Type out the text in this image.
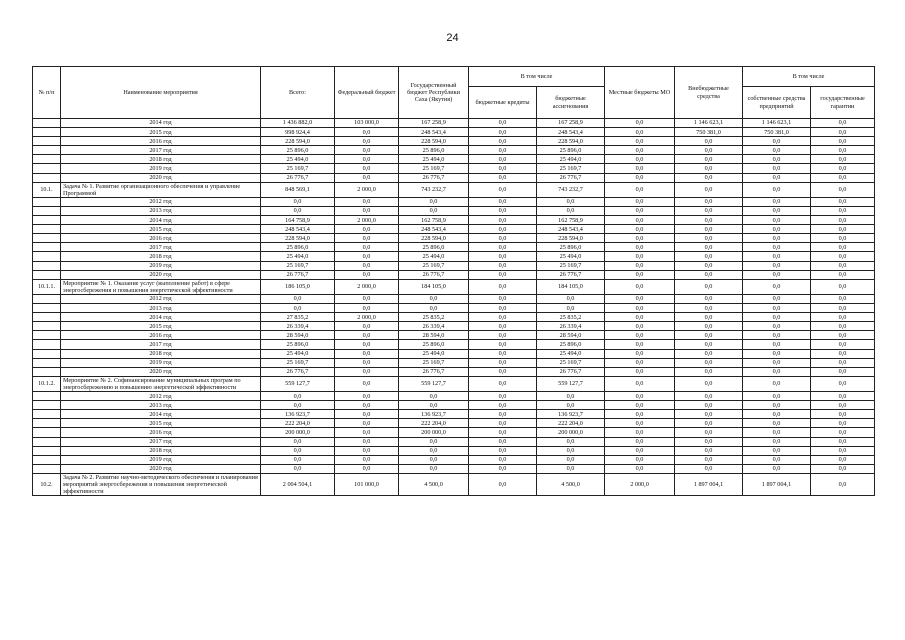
24
№ п/п	Наименование мероприятия	Всего:	Федеральный бюджет	Государственный бюджет Республики Саха (Якутия)	В том числе		Местные бюджеты МО	Внебюджетные средства	В том числе	
					бюджетные кредиты	бюджетные ассигнования			собственные средства предприятий	государственные гарантии
	2014 год	1 436 882,0	103 000,0	167 258,9	0,0	167 258,9	0,0	1 146 623,1	1 146 623,1	0,0
	2015 год	998 924,4	0,0	248 543,4	0,0	248 543,4	0,0	750 381,0	750 381,0	0,0
	2016 год	228 594,0	0,0	228 594,0	0,0	228 594,0	0,0	0,0	0,0	0,0
	2017 год	25 896,0	0,0	25 896,0	0,0	25 896,0	0,0	0,0	0,0	0,0
	2018 год	25 494,0	0,0	25 494,0	0,0	25 494,0	0,0	0,0	0,0	0,0
	2019 год	25 169,7	0,0	25 169,7	0,0	25 169,7	0,0	0,0	0,0	0,0
	2020 год	26 776,7	0,0	26 776,7	0,0	26 776,7	0,0	0,0	0,0	0,0
10.1.	Задача № 1. Развитие организационного обеспечения и управление Программой	848 569,1	2 000,0	743 232,7	0,0	743 232,7	0,0	0,0	0,0	0,0
	2012 год	0,0	0,0	0,0	0,0	0,0	0,0	0,0	0,0	0,0
	2013 год	0,0	0,0	0,0	0,0	0,0	0,0	0,0	0,0	0,0
	2014 год	164 758,9	2 000,0	162 758,9	0,0	162 758,9	0,0	0,0	0,0	0,0
	2015 год	248 543,4	0,0	248 543,4	0,0	248 543,4	0,0	0,0	0,0	0,0
	2016 год	228 594,0	0,0	228 594,0	0,0	228 594,0	0,0	0,0	0,0	0,0
	2017 год	25 896,0	0,0	25 896,0	0,0	25 896,0	0,0	0,0	0,0	0,0
	2018 год	25 494,0	0,0	25 494,0	0,0	25 494,0	0,0	0,0	0,0	0,0
	2019 год	25 169,7	0,0	25 169,7	0,0	25 169,7	0,0	0,0	0,0	0,0
	2020 год	26 776,7	0,0	26 776,7	0,0	26 776,7	0,0	0,0	0,0	0,0
10.1.1.	Мероприятие № 1. Оказание услуг (выполнение работ) в сфере энергосбережения и повышения энергетической эффективности	186 105,0	2 000,0	184 105,0	0,0	184 105,0	0,0	0,0	0,0	0,0
	2012 год	0,0	0,0	0,0	0,0	0,0	0,0	0,0	0,0	0,0
	2013 год	0,0	0,0	0,0	0,0	0,0	0,0	0,0	0,0	0,0
	2014 год	27 835,2	2 000,0	25 835,2	0,0	25 835,2	0,0	0,0	0,0	0,0
	2015 год	26 339,4	0,0	26 339,4	0,0	26 339,4	0,0	0,0	0,0	0,0
	2016 год	28 594,0	0,0	28 594,0	0,0	28 594,0	0,0	0,0	0,0	0,0
	2017 год	25 896,0	0,0	25 896,0	0,0	25 896,0	0,0	0,0	0,0	0,0
	2018 год	25 494,0	0,0	25 494,0	0,0	25 494,0	0,0	0,0	0,0	0,0
	2019 год	25 169,7	0,0	25 169,7	0,0	25 169,7	0,0	0,0	0,0	0,0
	2020 год	26 776,7	0,0	26 776,7	0,0	26 776,7	0,0	0,0	0,0	0,0
10.1.2.	Мероприятие № 2. Софинансирование муниципальных програм по энергосбережению и повышению энергетической эффективности	559 127,7	0,0	559 127,7	0,0	559 127,7	0,0	0,0	0,0	0,0
	2012 год	0,0	0,0	0,0	0,0	0,0	0,0	0,0	0,0	0,0
	2013 год	0,0	0,0	0,0	0,0	0,0	0,0	0,0	0,0	0,0
	2014 год	136 923,7	0,0	136 923,7	0,0	136 923,7	0,0	0,0	0,0	0,0
	2015 год	222 204,0	0,0	222 204,0	0,0	222 204,0	0,0	0,0	0,0	0,0
	2016 год	200 000,0	0,0	200 000,0	0,0	200 000,0	0,0	0,0	0,0	0,0
	2017 год	0,0	0,0	0,0	0,0	0,0	0,0	0,0	0,0	0,0
	2018 год	0,0	0,0	0,0	0,0	0,0	0,0	0,0	0,0	0,0
	2019 год	0,0	0,0	0,0	0,0	0,0	0,0	0,0	0,0	0,0
	2020 год	0,0	0,0	0,0	0,0	0,0	0,0	0,0	0,0	0,0
10.2.	Задача № 2. Развитие научно-методического обеспечения и планирования мероприятий энергосбережения и повышения энергетической эффективности	2 004 504,1	101 000,0	4 500,0	0,0	4 500,0	2 000,0	1 897 004,1	1 897 004,1	0,0
